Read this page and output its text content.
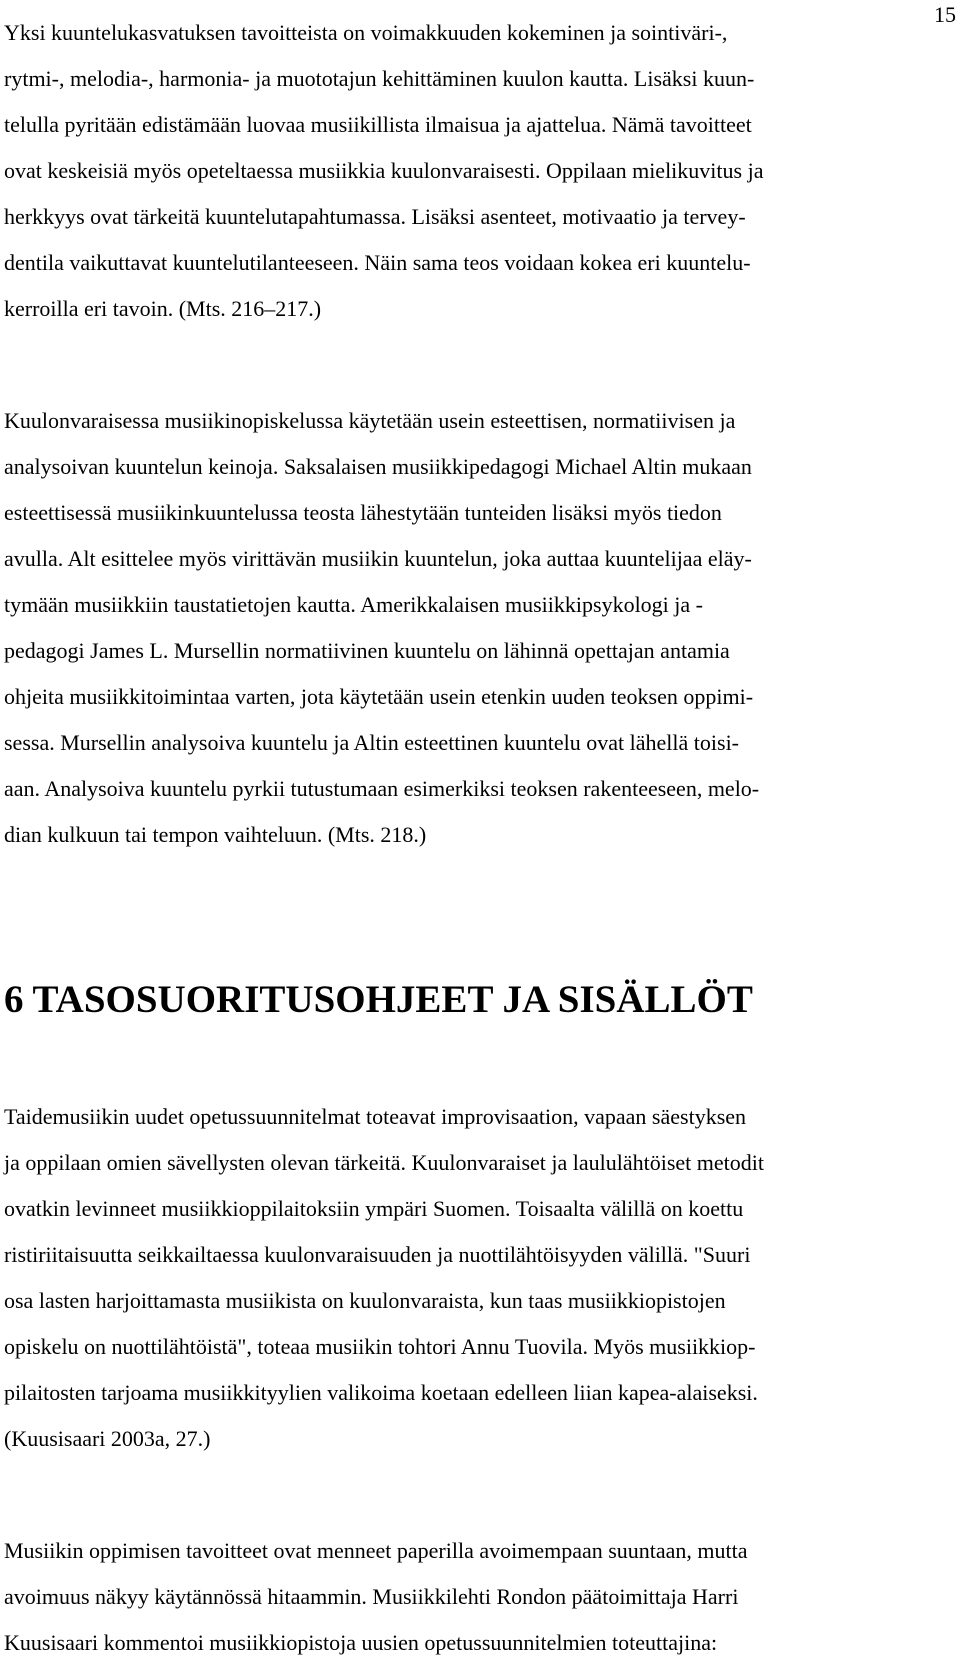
15
Yksi kuuntelukasvatuksen tavoitteista on voimakkuuden kokeminen ja sointiväri-,
rytmi-, melodia-, harmonia- ja muototajun kehittäminen kuulon kautta. Lisäksi kuun-
telulla pyritään edistämään luovaa musiikillista ilmaisua ja ajattelua. Nämä tavoitteet
ovat keskeisiä myös opeteltaessa musiikkia kuulonvaraisesti. Oppilaan mielikuvitus ja
herkkyys ovat tärkeitä kuuntelutapahtumassa. Lisäksi asenteet, motivaatio ja tervey-
dentila vaikuttavat kuuntelutilanteeseen. Näin sama teos voidaan kokea eri kuuntelu-
kerroilla eri tavoin. (Mts. 216–217.)
Kuulonvaraisessa musiikinopiskelussa käytetään usein esteettisen, normatiivisen ja
analysoivan kuuntelun keinoja. Saksalaisen musiikkipedagogi Michael Altin mukaan
esteettisessä musiikinkuuntelussa teosta lähestytään tunteiden lisäksi myös tiedon
avulla. Alt esittelee myös virittävän musiikin kuuntelun, joka auttaa kuuntelijaa eläy-
tymään musiikkiin taustatietojen kautta. Amerikkalaisen musiikkipsykologi ja -
pedagogi James L. Mursellin normatiivinen kuuntelu on lähinnä opettajan antamia
ohjeita musiikkitoimintaa varten, jota käytetään usein etenkin uuden teoksen oppimi-
sessa. Mursellin analysoiva kuuntelu ja Altin esteettinen kuuntelu ovat lähellä toisi-
aan. Analysoiva kuuntelu pyrkii tutustumaan esimerkiksi teoksen rakenteeseen, melo-
dian kulkuun tai tempon vaihteluun. (Mts. 218.)
6 TASOSUORITUSOHJEET JA SISÄLLÖT
Taidemusiikin uudet opetussuunnitelmat toteavat improvisaation, vapaan säestyksen
ja oppilaan omien sävellysten olevan tärkeitä. Kuulonvaraiset ja laululähtöiset metodit
ovatkin levinneet musiikkioppilaitoksiin ympäri Suomen. Toisaalta välillä on koettu
ristiriitaisuutta seikkailtaessa kuulonvaraisuuden ja nuottilähtöisyyden välillä. "Suuri
osa lasten harjoittamasta musiikista on kuulonvaraista, kun taas musiikkiopistojen
opiskelu on nuottilähtöistä", toteaa musiikin tohtori Annu Tuovila. Myös musiikkiop-
pilaitosten tarjoama musiikkityylien valikoima koetaan edelleen liian kapea-alaiseksi.
(Kuusisaari 2003a, 27.)
Musiikin oppimisen tavoitteet ovat menneet paperilla avoimempaan suuntaan, mutta
avoimuus näkyy käytännössä hitaammin. Musiikkilehti Rondon päätoimittaja Harri
Kuusisaari kommentoi musiikkiopistoja uusien opetussuunnitelmien toteuttajina:
